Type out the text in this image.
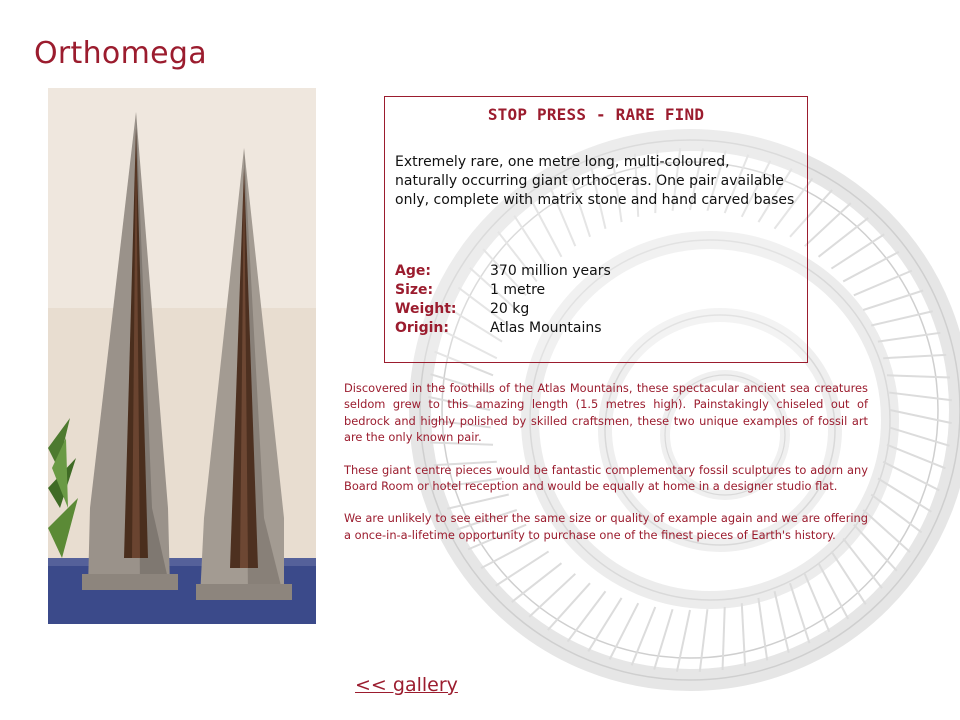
Orthomega
STOP PRESS - RARE FIND
Extremely rare, one metre long, multi-coloured, naturally occurring giant orthoceras. One pair available only, complete with matrix stone and hand carved bases
Age:	370 million years
Size:	1 metre
Weight:	20 kg
Origin:	Atlas Mountains

Discovered in the foothills of the Atlas Mountains, these spectacular ancient sea creatures seldom grew to this amazing length (1.5 metres high). Painstakingly chiseled out of bedrock and highly polished by skilled craftsmen, these two unique examples of fossil art are the only known pair.

These giant centre pieces would be fantastic complementary fossil sculptures to adorn any Board Room or hotel reception and would be equally at home in a designer studio flat.

We are unlikely to see either the same size or quality of example again and we are offering a once-in-a-lifetime opportunity to purchase one of the finest pieces of Earth's history.

<< gallery
